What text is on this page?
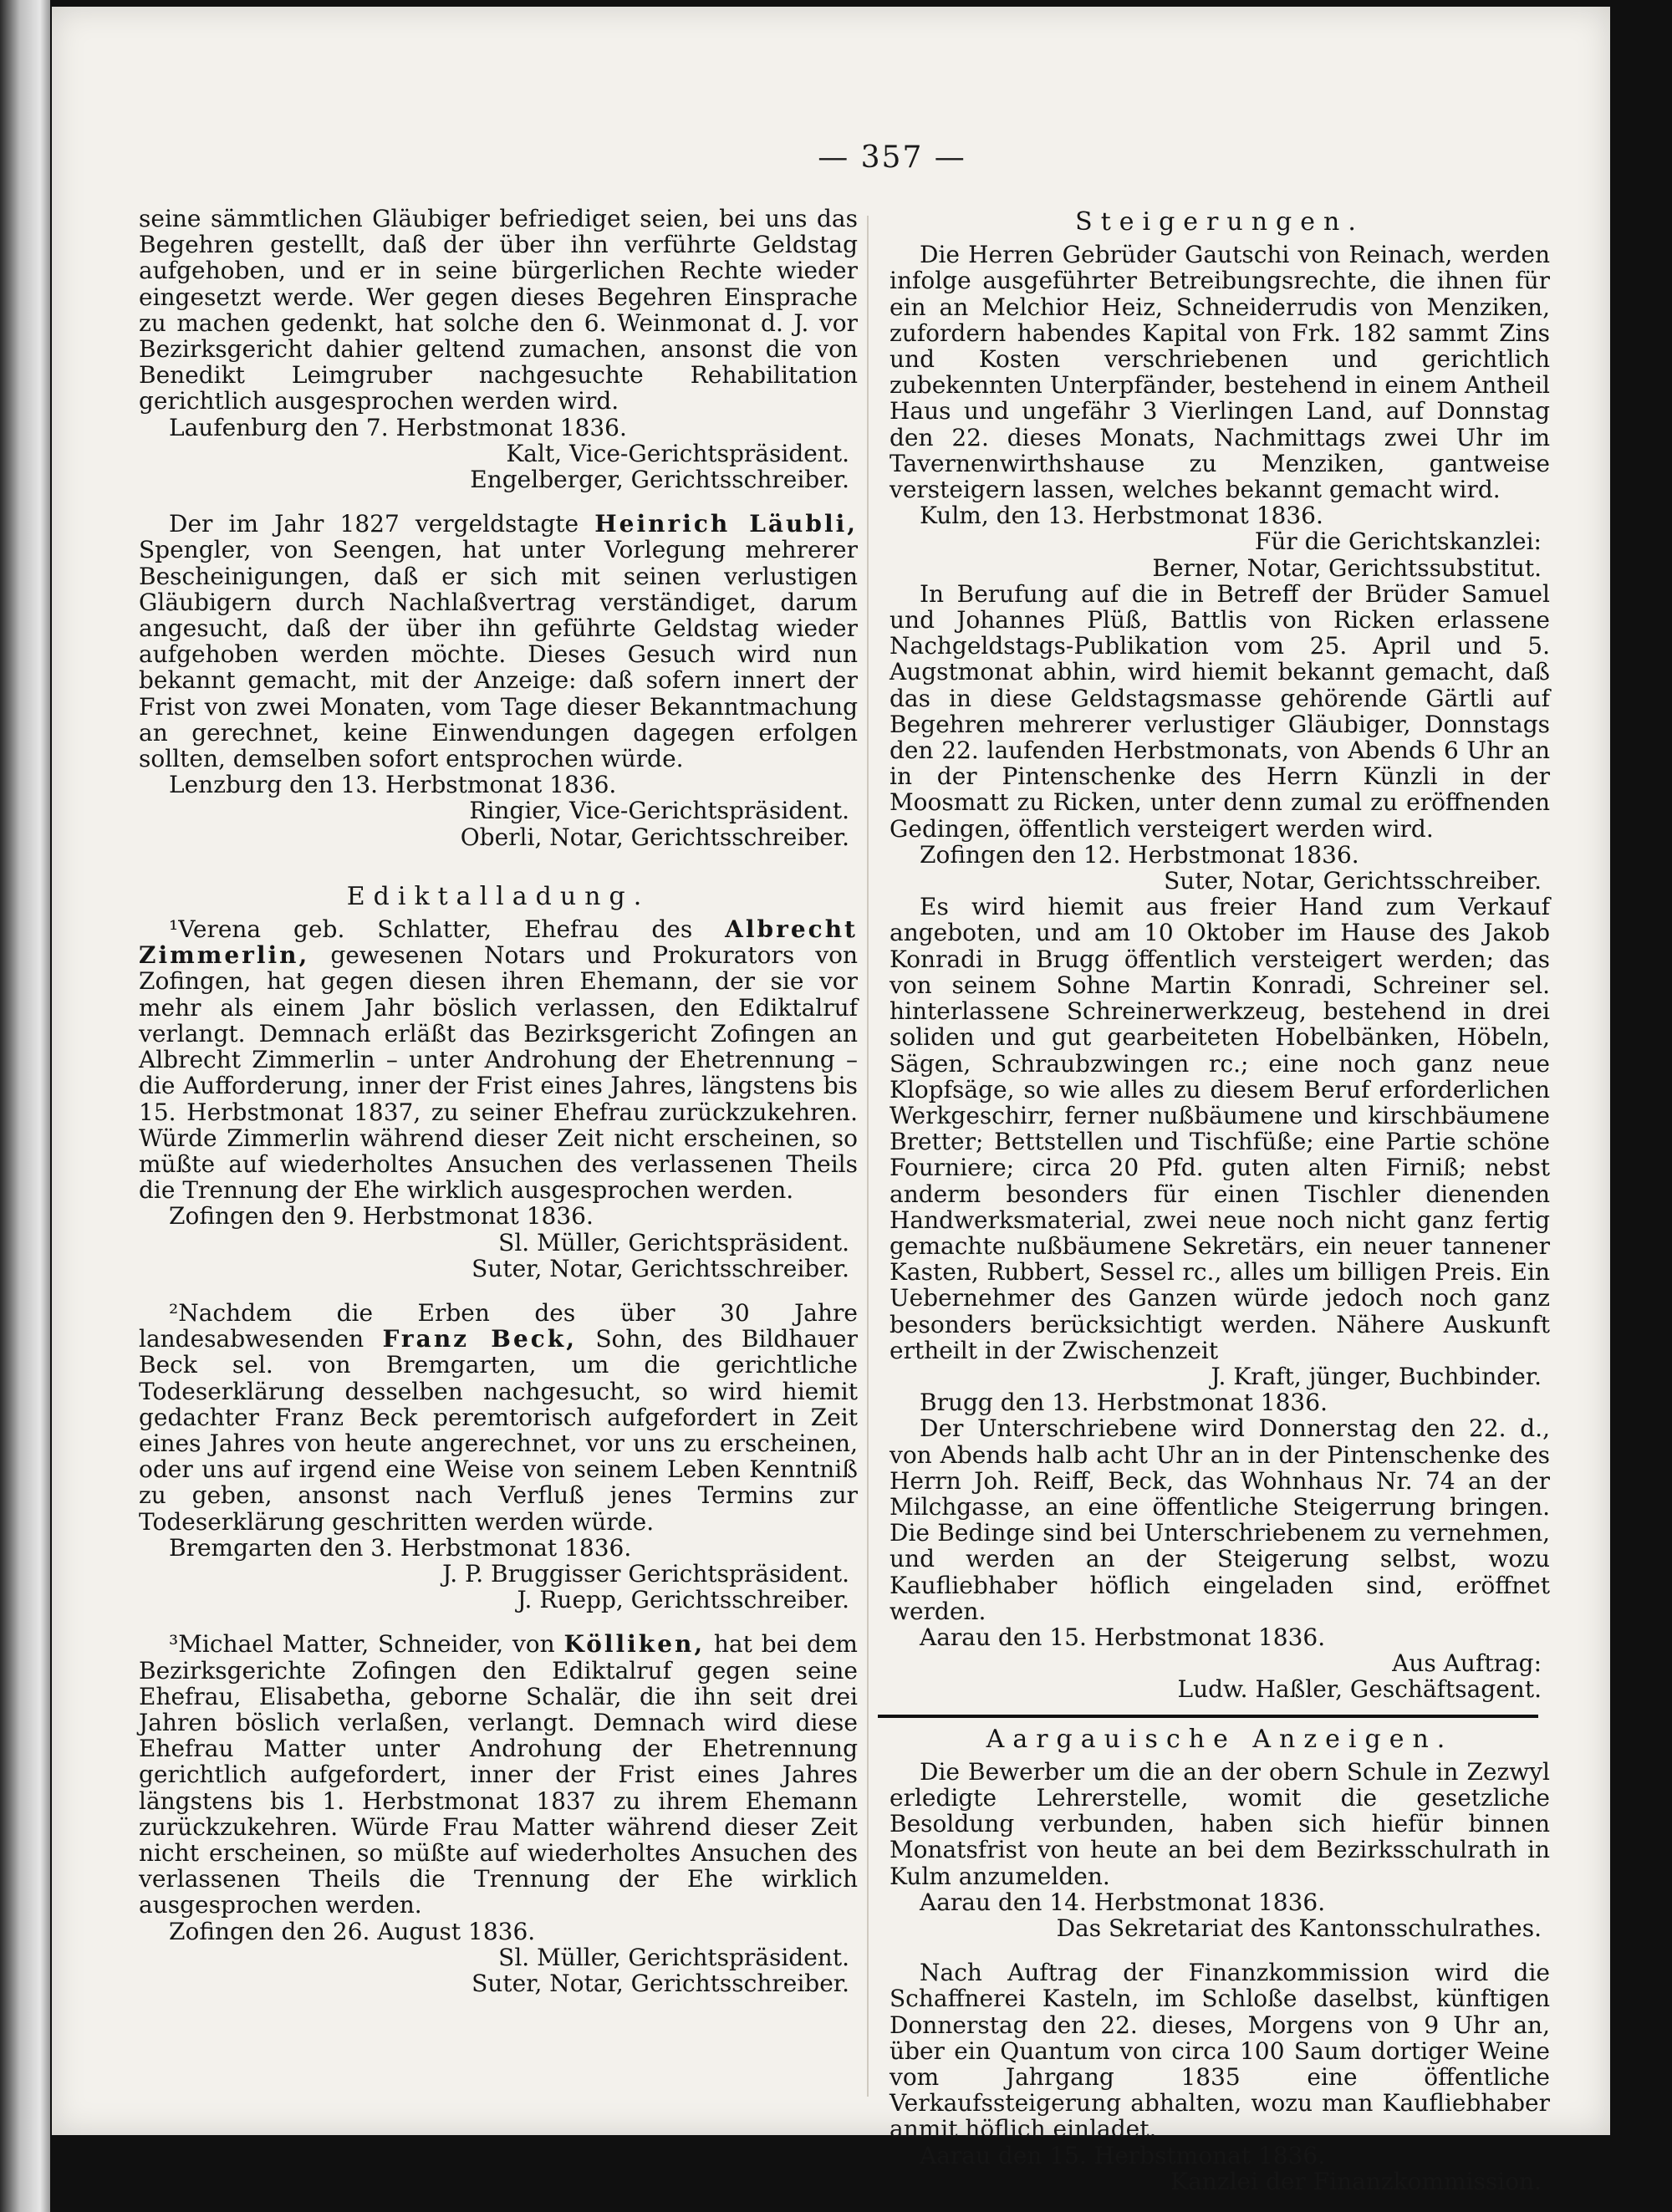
— 357 —

seine sämmtlichen Gläubiger befriediget seien, bei uns das Begehren gestellt, daß der über ihn verführte Geldstag aufgehoben, und er in seine bürgerlichen Rechte wieder eingesetzt werde. Wer gegen dieses Begehren Einsprache zu machen gedenkt, hat solche den 6. Weinmonat d. J. vor Bezirksgericht dahier geltend zumachen, ansonst die von Benedikt Leimgruber nachgesuchte Rehabilitation gerichtlich ausgesprochen werden wird.

Laufenburg den 7. Herbstmonat 1836.

Kalt, Vice-Gerichtspräsident.

Engelberger, Gerichtsschreiber.

Der im Jahr 1827 vergeldstagte Heinrich Läubli, Spengler, von Seengen, hat unter Vorlegung mehrerer Bescheinigungen, daß er sich mit seinen verlustigen Gläubigern durch Nachlaßvertrag verständiget, darum angesucht, daß der über ihn geführte Geldstag wieder aufgehoben werden möchte. Dieses Gesuch wird nun bekannt gemacht, mit der Anzeige: daß sofern innert der Frist von zwei Monaten, vom Tage dieser Bekanntmachung an gerechnet, keine Einwendungen dagegen erfolgen sollten, demselben sofort entsprochen würde.

Lenzburg den 13. Herbstmonat 1836.

Ringier, Vice-Gerichtspräsident.

Oberli, Notar, Gerichtsschreiber.

Ediktalladung.

¹Verena geb. Schlatter, Ehefrau des Albrecht Zimmerlin, gewesenen Notars und Prokurators von Zofingen, hat gegen diesen ihren Ehemann, der sie vor mehr als einem Jahr böslich verlassen, den Ediktalruf verlangt. Demnach erläßt das Bezirksgericht Zofingen an Albrecht Zimmerlin – unter Androhung der Ehetrennung – die Aufforderung, inner der Frist eines Jahres, längstens bis 15. Herbstmonat 1837, zu seiner Ehefrau zurückzukehren. Würde Zimmerlin während dieser Zeit nicht erscheinen, so müßte auf wiederholtes Ansuchen des verlassenen Theils die Trennung der Ehe wirklich ausgesprochen werden.

Zofingen den 9. Herbstmonat 1836.

Sl. Müller, Gerichtspräsident.

Suter, Notar, Gerichtsschreiber.

²Nachdem die Erben des über 30 Jahre landesabwesenden Franz Beck, Sohn, des Bildhauer Beck sel. von Bremgarten, um die gerichtliche Todeserklärung desselben nachgesucht, so wird hiemit gedachter Franz Beck peremtorisch aufgefordert in Zeit eines Jahres von heute angerechnet, vor uns zu erscheinen, oder uns auf irgend eine Weise von seinem Leben Kenntniß zu geben, ansonst nach Verfluß jenes Termins zur Todeserklärung geschritten werden würde.

Bremgarten den 3. Herbstmonat 1836.

J. P. Bruggisser Gerichtspräsident.

J. Ruepp, Gerichtsschreiber.

³Michael Matter, Schneider, von Kölliken, hat bei dem Bezirksgerichte Zofingen den Ediktalruf gegen seine Ehefrau, Elisabetha, geborne Schalär, die ihn seit drei Jahren böslich verlaßen, verlangt. Demnach wird diese Ehefrau Matter unter Androhung der Ehetrennung gerichtlich aufgefordert, inner der Frist eines Jahres längstens bis 1. Herbstmonat 1837 zu ihrem Ehemann zurückzukehren. Würde Frau Matter während dieser Zeit nicht erscheinen, so müßte auf wiederholtes Ansuchen des verlassenen Theils die Trennung der Ehe wirklich ausgesprochen werden.

Zofingen den 26. August 1836.

Sl. Müller, Gerichtspräsident.

Suter, Notar, Gerichtsschreiber.

Steigerungen.

Die Herren Gebrüder Gautschi von Reinach, werden infolge ausgeführter Betreibungsrechte, die ihnen für ein an Melchior Heiz, Schneiderrudis von Menziken, zufordern habendes Kapital von Frk. 182 sammt Zins und Kosten verschriebenen und gerichtlich zubekennten Unterpfänder, bestehend in einem Antheil Haus und ungefähr 3 Vierlingen Land, auf Donnstag den 22. dieses Monats, Nachmittags zwei Uhr im Tavernenwirthshause zu Menziken, gantweise versteigern lassen, welches bekannt gemacht wird.

Kulm, den 13. Herbstmonat 1836.

Für die Gerichtskanzlei:

Berner, Notar, Gerichtssubstitut.

In Berufung auf die in Betreff der Brüder Samuel und Johannes Plüß, Battlis von Ricken erlassene Nachgeldstags-Publikation vom 25. April und 5. Augstmonat abhin, wird hiemit bekannt gemacht, daß das in diese Geldstagsmasse gehörende Gärtli auf Begehren mehrerer verlustiger Gläubiger, Donnstags den 22. laufenden Herbstmonats, von Abends 6 Uhr an in der Pintenschenke des Herrn Künzli in der Moosmatt zu Ricken, unter denn zumal zu eröffnenden Gedingen, öffentlich versteigert werden wird.

Zofingen den 12. Herbstmonat 1836.

Suter, Notar, Gerichtsschreiber.

Es wird hiemit aus freier Hand zum Verkauf angeboten, und am 10 Oktober im Hause des Jakob Konradi in Brugg öffentlich versteigert werden; das von seinem Sohne Martin Konradi, Schreiner sel. hinterlassene Schreinerwerkzeug, bestehend in drei soliden und gut gearbeiteten Hobelbänken, Höbeln, Sägen, Schraubzwingen rc.; eine noch ganz neue Klopfsäge, so wie alles zu diesem Beruf erforderlichen Werkgeschirr, ferner nußbäumene und kirschbäumene Bretter; Bettstellen und Tischfüße; eine Partie schöne Fourniere; circa 20 Pfd. guten alten Firniß; nebst anderm besonders für einen Tischler dienenden Handwerksmaterial, zwei neue noch nicht ganz fertig gemachte nußbäumene Sekretärs, ein neuer tannener Kasten, Rubbert, Sessel rc., alles um billigen Preis. Ein Uebernehmer des Ganzen würde jedoch noch ganz besonders berücksichtigt werden. Nähere Auskunft ertheilt in der Zwischenzeit

J. Kraft, jünger, Buchbinder.

Brugg den 13. Herbstmonat 1836.

Der Unterschriebene wird Donnerstag den 22. d., von Abends halb acht Uhr an in der Pintenschenke des Herrn Joh. Reiff, Beck, das Wohnhaus Nr. 74 an der Milchgasse, an eine öffentliche Steigerrung bringen. Die Bedinge sind bei Unterschriebenem zu vernehmen, und werden an der Steigerung selbst, wozu Kaufliebhaber höflich eingeladen sind, eröffnet werden.

Aarau den 15. Herbstmonat 1836.

Aus Auftrag:

Ludw. Haßler, Geschäftsagent.

Aargauische Anzeigen.

Die Bewerber um die an der obern Schule in Zezwyl erledigte Lehrerstelle, womit die gesetzliche Besoldung verbunden, haben sich hiefür binnen Monatsfrist von heute an bei dem Bezirksschulrath in Kulm anzumelden.

Aarau den 14. Herbstmonat 1836.

Das Sekretariat des Kantonsschulrathes.

Nach Auftrag der Finanzkommission wird die Schaffnerei Kasteln, im Schloße daselbst, künftigen Donnerstag den 22. dieses, Morgens von 9 Uhr an, über ein Quantum von circa 100 Saum dortiger Weine vom Jahrgang 1835 eine öffentliche Verkaufssteigerung abhalten, wozu man Kaufliebhaber anmit höflich einladet.

Aarau den 15. Herbstmonat 1836.

Kanzlei der Finanzkommission.
